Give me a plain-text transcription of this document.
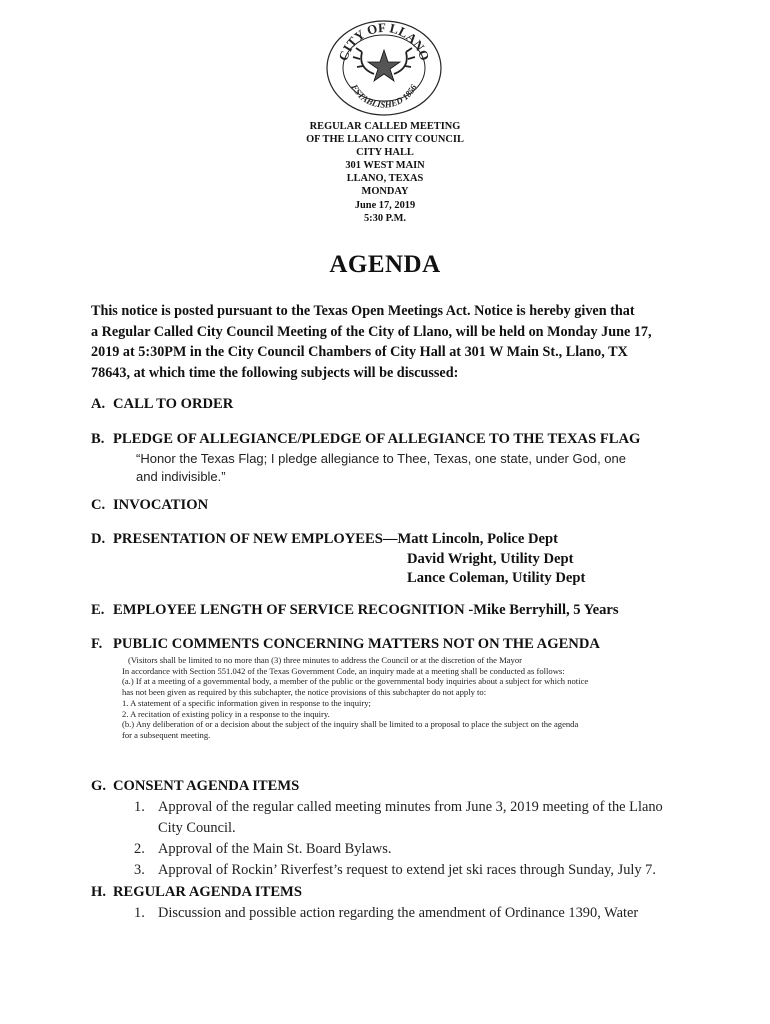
CITY OF LLANO
ESTABLISHED 1856
REGULAR CALLED MEETING
OF THE LLANO CITY COUNCIL
CITY HALL
301 WEST MAIN
LLANO, TEXAS
MONDAY
June 17, 2019
5:30 P.M.
AGENDA
This notice is posted pursuant to the Texas Open Meetings Act. Notice is hereby given that
a Regular Called City Council Meeting of the City of Llano, will be held on Monday June 17,
2019 at 5:30PM in the City Council Chambers of City Hall at 301 W Main St., Llano, TX
78643, at which time the following subjects will be discussed:
A. CALL TO ORDER
B. PLEDGE OF ALLEGIANCE/PLEDGE OF ALLEGIANCE TO THE TEXAS FLAG
“Honor the Texas Flag; I pledge allegiance to Thee, Texas, one state, under God, one
and indivisible.”
C. INVOCATION
D. PRESENTATION OF NEW EMPLOYEES—Matt Lincoln, Police Dept
David Wright, Utility Dept
Lance Coleman, Utility Dept
E. EMPLOYEE LENGTH OF SERVICE RECOGNITION -Mike Berryhill, 5 Years
F. PUBLIC COMMENTS CONCERNING MATTERS NOT ON THE AGENDA
(Visitors shall be limited to no more than (3) three minutes to address the Council or at the discretion of the Mayor
In accordance with Section 551.042 of the Texas Government Code, an inquiry made at a meeting shall be conducted as follows:
(a.) If at a meeting of a governmental body, a member of the public or the governmental body inquiries about a subject for which notice
has not been given as required by this subchapter, the notice provisions of this subchapter do not apply to:
1. A statement of a specific information given in response to the inquiry;
2. A recitation of existing policy in a response to the inquiry.
(b.) Any deliberation of or a decision about the subject of the inquiry shall be limited to a proposal to place the subject on the agenda
for a subsequent meeting.
G. CONSENT AGENDA ITEMS
1. Approval of the regular called meeting minutes from June 3, 2019 meeting of the Llano
City Council.
2. Approval of the Main St. Board Bylaws.
3. Approval of Rockin’ Riverfest’s request to extend jet ski races through Sunday, July 7.
H. REGULAR AGENDA ITEMS
1. Discussion and possible action regarding the amendment of Ordinance 1390, Water
